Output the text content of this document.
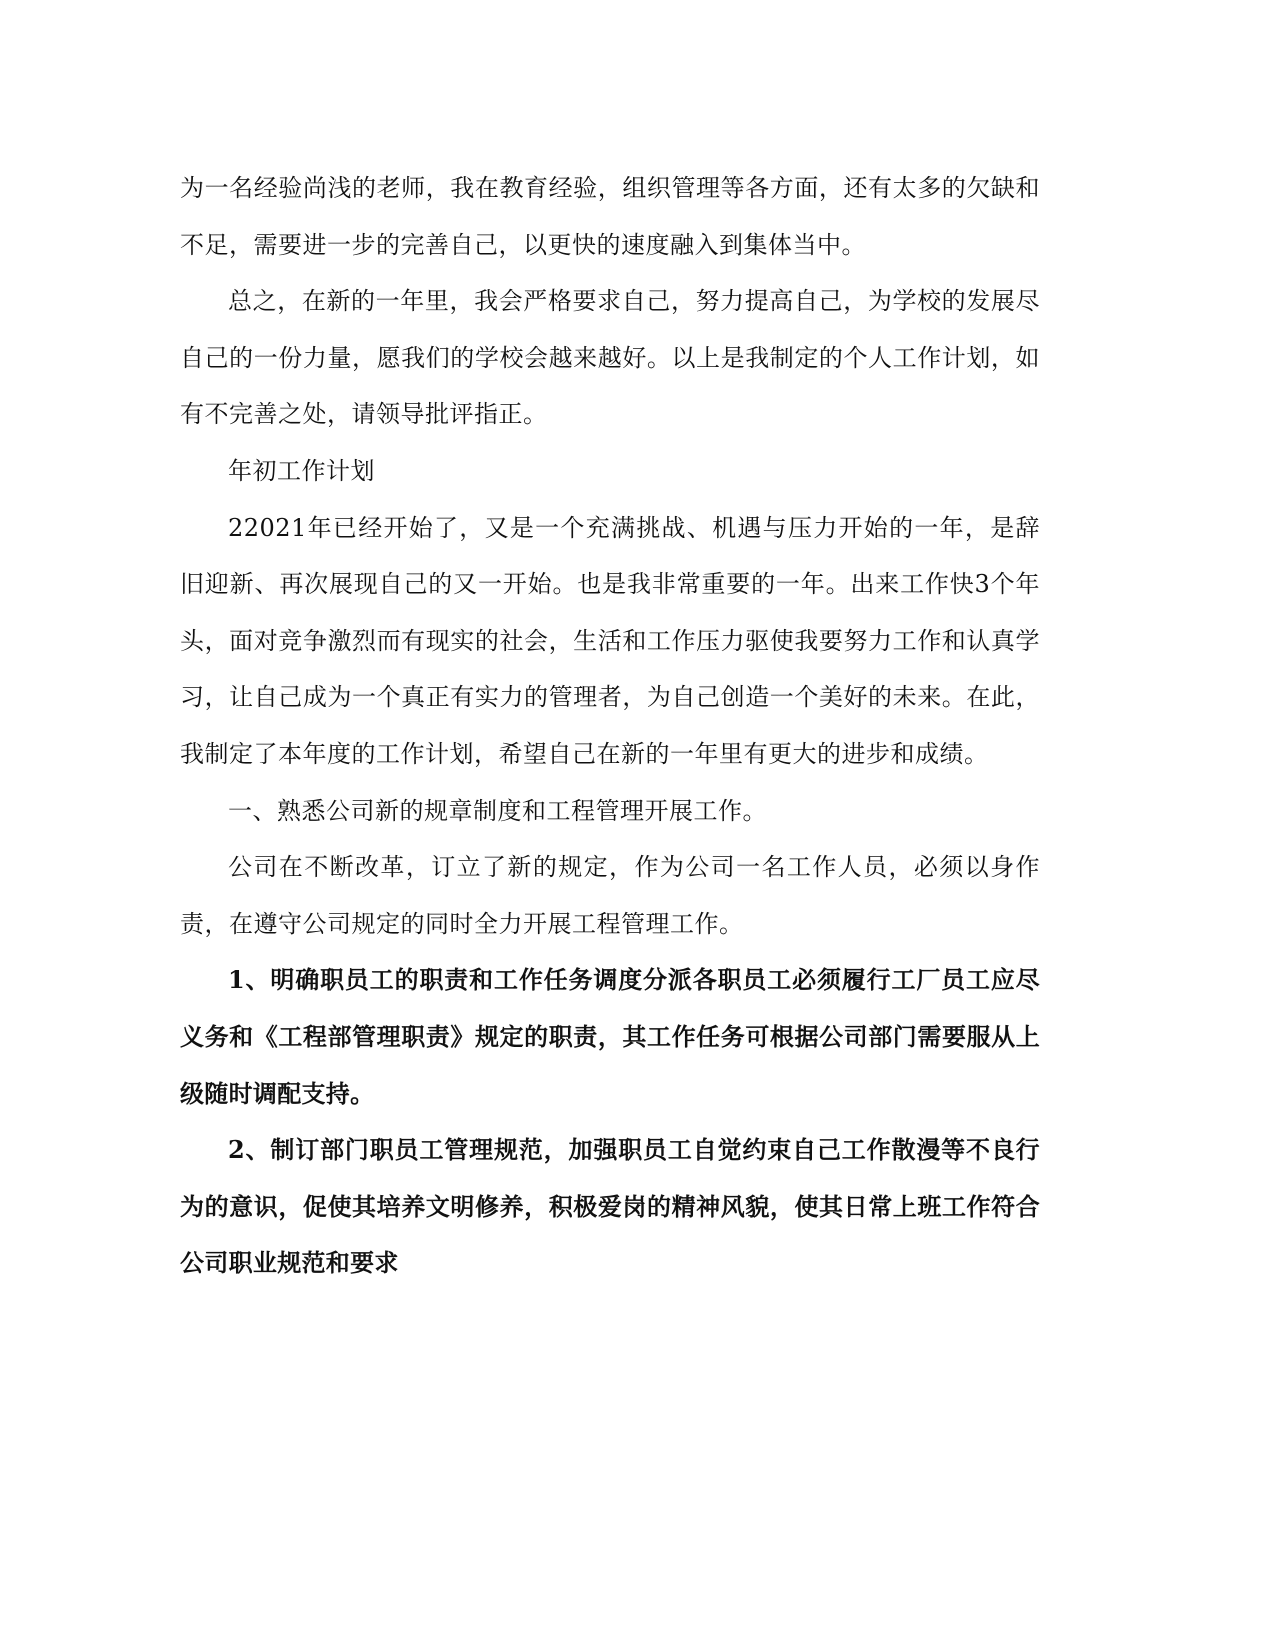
为一名经验尚浅的老师，我在教育经验，组织管理等各方面，还有太多的欠缺和不足，需要进一步的完善自己，以更快的速度融入到集体当中。

总之，在新的一年里，我会严格要求自己，努力提高自己，为学校的发展尽自己的一份力量，愿我们的学校会越来越好。以上是我制定的个人工作计划，如有不完善之处，请领导批评指正。

年初工作计划

22021年已经开始了，又是一个充满挑战、机遇与压力开始的一年，是辞旧迎新、再次展现自己的又一开始。也是我非常重要的一年。出来工作快3个年头，面对竞争激烈而有现实的社会，生活和工作压力驱使我要努力工作和认真学习，让自己成为一个真正有实力的管理者，为自己创造一个美好的未来。在此，我制定了本年度的工作计划，希望自己在新的一年里有更大的进步和成绩。

一、熟悉公司新的规章制度和工程管理开展工作。

公司在不断改革，订立了新的规定，作为公司一名工作人员，必须以身作责，在遵守公司规定的同时全力开展工程管理工作。

1、明确职员工的职责和工作任务调度分派各职员工必须履行工厂员工应尽义务和《工程部管理职责》规定的职责，其工作任务可根据公司部门需要服从上级随时调配支持。

2、制订部门职员工管理规范，加强职员工自觉约束自己工作散漫等不良行为的意识，促使其培养文明修养，积极爱岗的精神风貌，使其日常上班工作符合公司职业规范和要求
